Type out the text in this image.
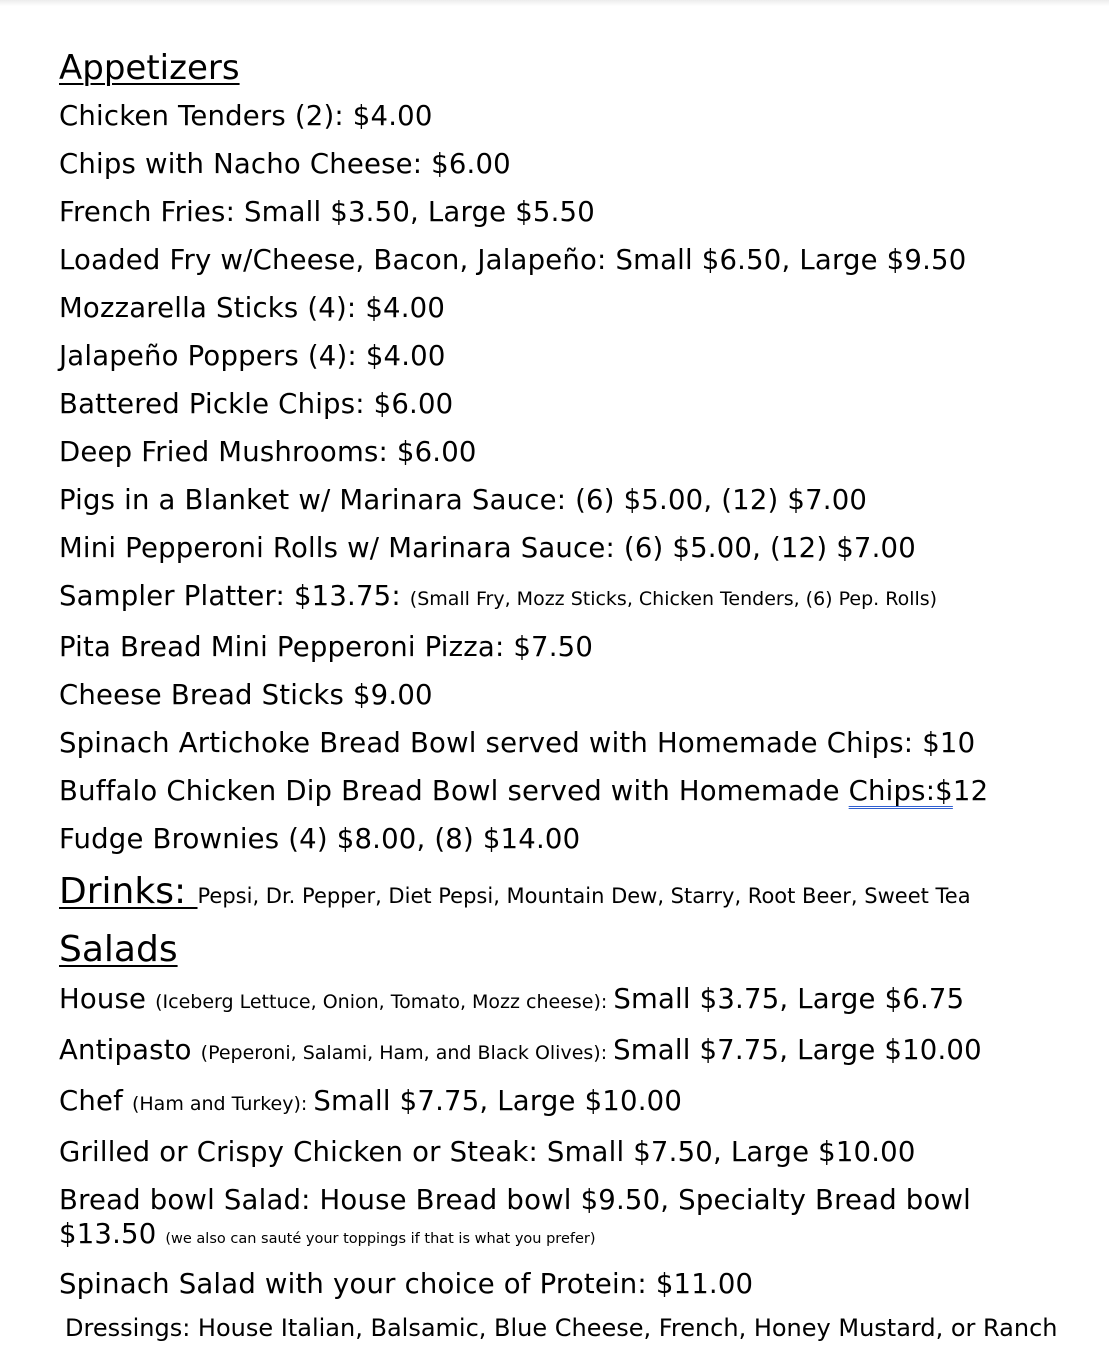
Appetizers
Chicken Tenders (2): $4.00
Chips with Nacho Cheese: $6.00
French Fries: Small $3.50, Large $5.50
Loaded Fry w/Cheese, Bacon, Jalapeño: Small $6.50, Large $9.50
Mozzarella Sticks (4): $4.00
Jalapeño Poppers (4): $4.00
Battered Pickle Chips: $6.00
Deep Fried Mushrooms: $6.00
Pigs in a Blanket w/ Marinara Sauce: (6) $5.00, (12) $7.00
Mini Pepperoni Rolls w/ Marinara Sauce: (6) $5.00, (12) $7.00
Sampler Platter: $13.75: (Small Fry, Mozz Sticks, Chicken Tenders, (6) Pep. Rolls)
Pita Bread Mini Pepperoni Pizza: $7.50
Cheese Bread Sticks $9.00
Spinach Artichoke Bread Bowl served with Homemade Chips: $10
Buffalo Chicken Dip Bread Bowl served with Homemade Chips:$12
Fudge Brownies (4) $8.00, (8) $14.00
Drinks: Pepsi, Dr. Pepper, Diet Pepsi, Mountain Dew, Starry, Root Beer, Sweet Tea
Salads
House (Iceberg Lettuce, Onion, Tomato, Mozz cheese): Small $3.75, Large $6.75
Antipasto (Peperoni, Salami, Ham, and Black Olives): Small $7.75, Large $10.00
Chef (Ham and Turkey): Small $7.75, Large $10.00
Grilled or Crispy Chicken or Steak: Small $7.50, Large $10.00
Bread bowl Salad: House Bread bowl $9.50, Specialty Bread bowl $13.50 (we also can sauté your toppings if that is what you prefer)
Spinach Salad with your choice of Protein: $11.00
Dressings: House Italian, Balsamic, Blue Cheese, French, Honey Mustard, or Ranch
